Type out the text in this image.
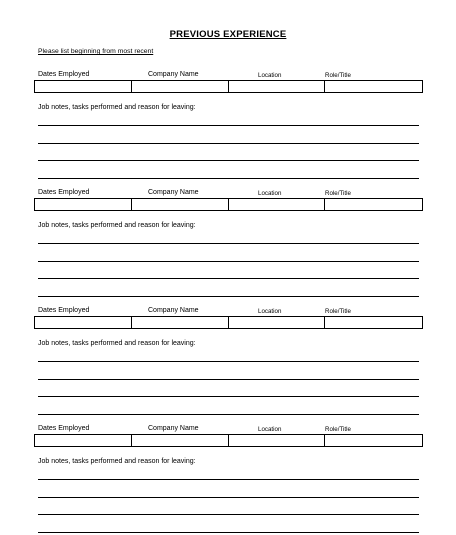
PREVIOUS EXPERIENCE
Please list beginning from most recent
Dates Employed	Company Name	Location	Role/Title
Job notes, tasks performed and reason for leaving:
Dates Employed	Company Name	Location	Role/Title
Job notes, tasks performed and reason for leaving:
Dates Employed	Company Name	Location	Role/Title
Job notes, tasks performed and reason for leaving:
Dates Employed	Company Name	Location	Role/Title
Job notes, tasks performed and reason for leaving:
